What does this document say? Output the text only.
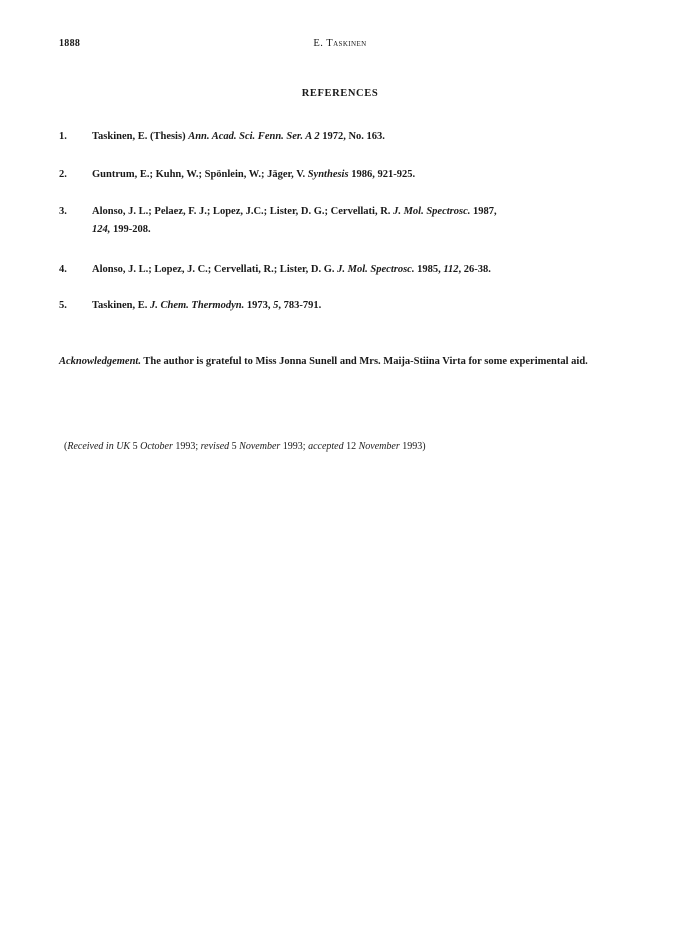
1888	E. Taskinen
REFERENCES
1. Taskinen, E. (Thesis) Ann. Acad. Sci. Fenn. Ser. A 2 1972, No. 163.
2. Guntrum, E.; Kuhn, W.; Spönlein, W.; Jäger, V. Synthesis 1986, 921-925.
3. Alonso, J. L.; Pelaez, F. J.; Lopez, J.C.; Lister, D. G.; Cervellati, R. J. Mol. Spectrosc. 1987,
124, 199-208.
4. Alonso, J. L.; Lopez, J. C.; Cervellati, R.; Lister, D. G. J. Mol. Spectrosc. 1985, 112, 26-38.
5. Taskinen, E. J. Chem. Thermodyn. 1973, 5, 783-791.
Acknowledgement. The author is grateful to Miss Jonna Sunell and Mrs. Maija-Stiina Virta for some experimental aid.
(Received in UK 5 October 1993; revised 5 November 1993; accepted 12 November 1993)
